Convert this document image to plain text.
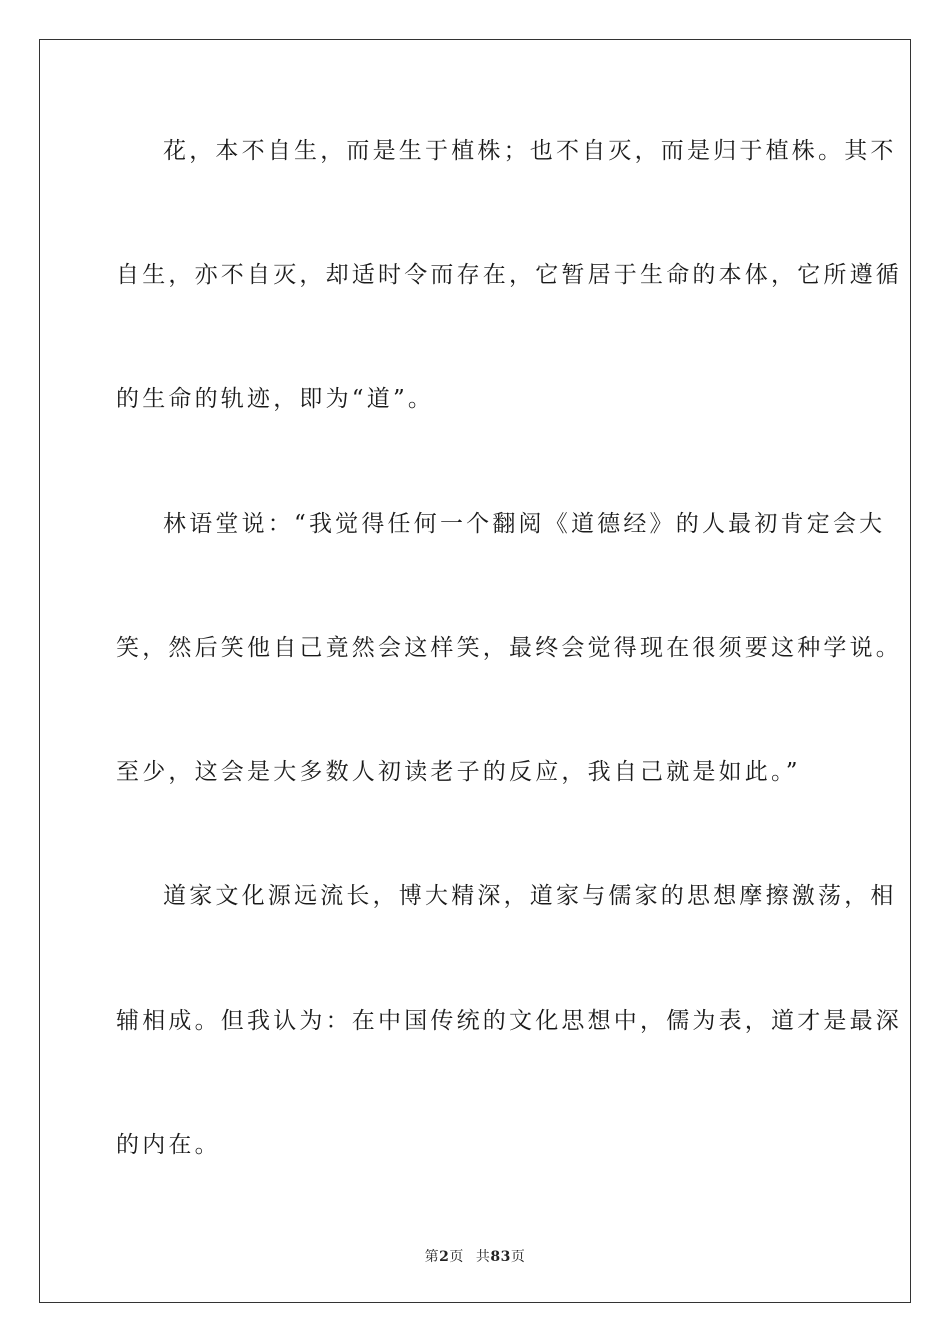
花，本不自生，而是生于植株；也不自灭，而是归于植株。其不

自生，亦不自灭，却适时令而存在，它暂居于生命的本体，它所遵循

的生命的轨迹，即为“道”。

林语堂说：“我觉得任何一个翻阅《道德经》的人最初肯定会大

笑，然后笑他自己竟然会这样笑，最终会觉得现在很须要这种学说。

至少，这会是大多数人初读老子的反应，我自己就是如此。”

道家文化源远流长，博大精深，道家与儒家的思想摩擦激荡，相

辅相成。但我认为：在中国传统的文化思想中，儒为表，道才是最深

的内在。

第2页 共83页
